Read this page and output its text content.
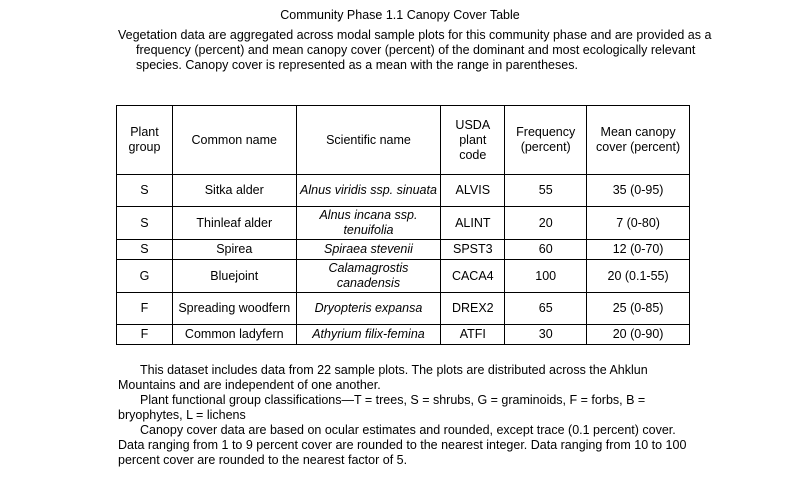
Community Phase 1.1 Canopy Cover Table

Vegetation data are aggregated across modal sample plots for this community phase and are provided as a frequency (percent) and mean canopy cover (percent) of the dominant and most ecologically relevant species. Canopy cover is represented as a mean with the range in parentheses.

Plant group	Common name	Scientific name	USDA plant code	Frequency (percent)	Mean canopy cover (percent)
S	Sitka alder	Alnus viridis ssp. sinuata	ALVIS	55	35 (0-95)
S	Thinleaf alder	Alnus incana ssp. tenuifolia	ALINT	20	7 (0-80)
S	Spirea	Spiraea stevenii	SPST3	60	12 (0-70)
G	Bluejoint	Calamagrostis canadensis	CACA4	100	20 (0.1-55)
F	Spreading woodfern	Dryopteris expansa	DREX2	65	25 (0-85)
F	Common ladyfern	Athyrium filix-femina	ATFI	30	20 (0-90)

This dataset includes data from 22 sample plots. The plots are distributed across the Ahklun Mountains and are independent of one another.

Plant functional group classifications—T = trees, S = shrubs, G = graminoids, F = forbs, B = bryophytes, L = lichens

Canopy cover data are based on ocular estimates and rounded, except trace (0.1 percent) cover. Data ranging from 1 to 9 percent cover are rounded to the nearest integer. Data ranging from 10 to 100 percent cover are rounded to the nearest factor of 5.
